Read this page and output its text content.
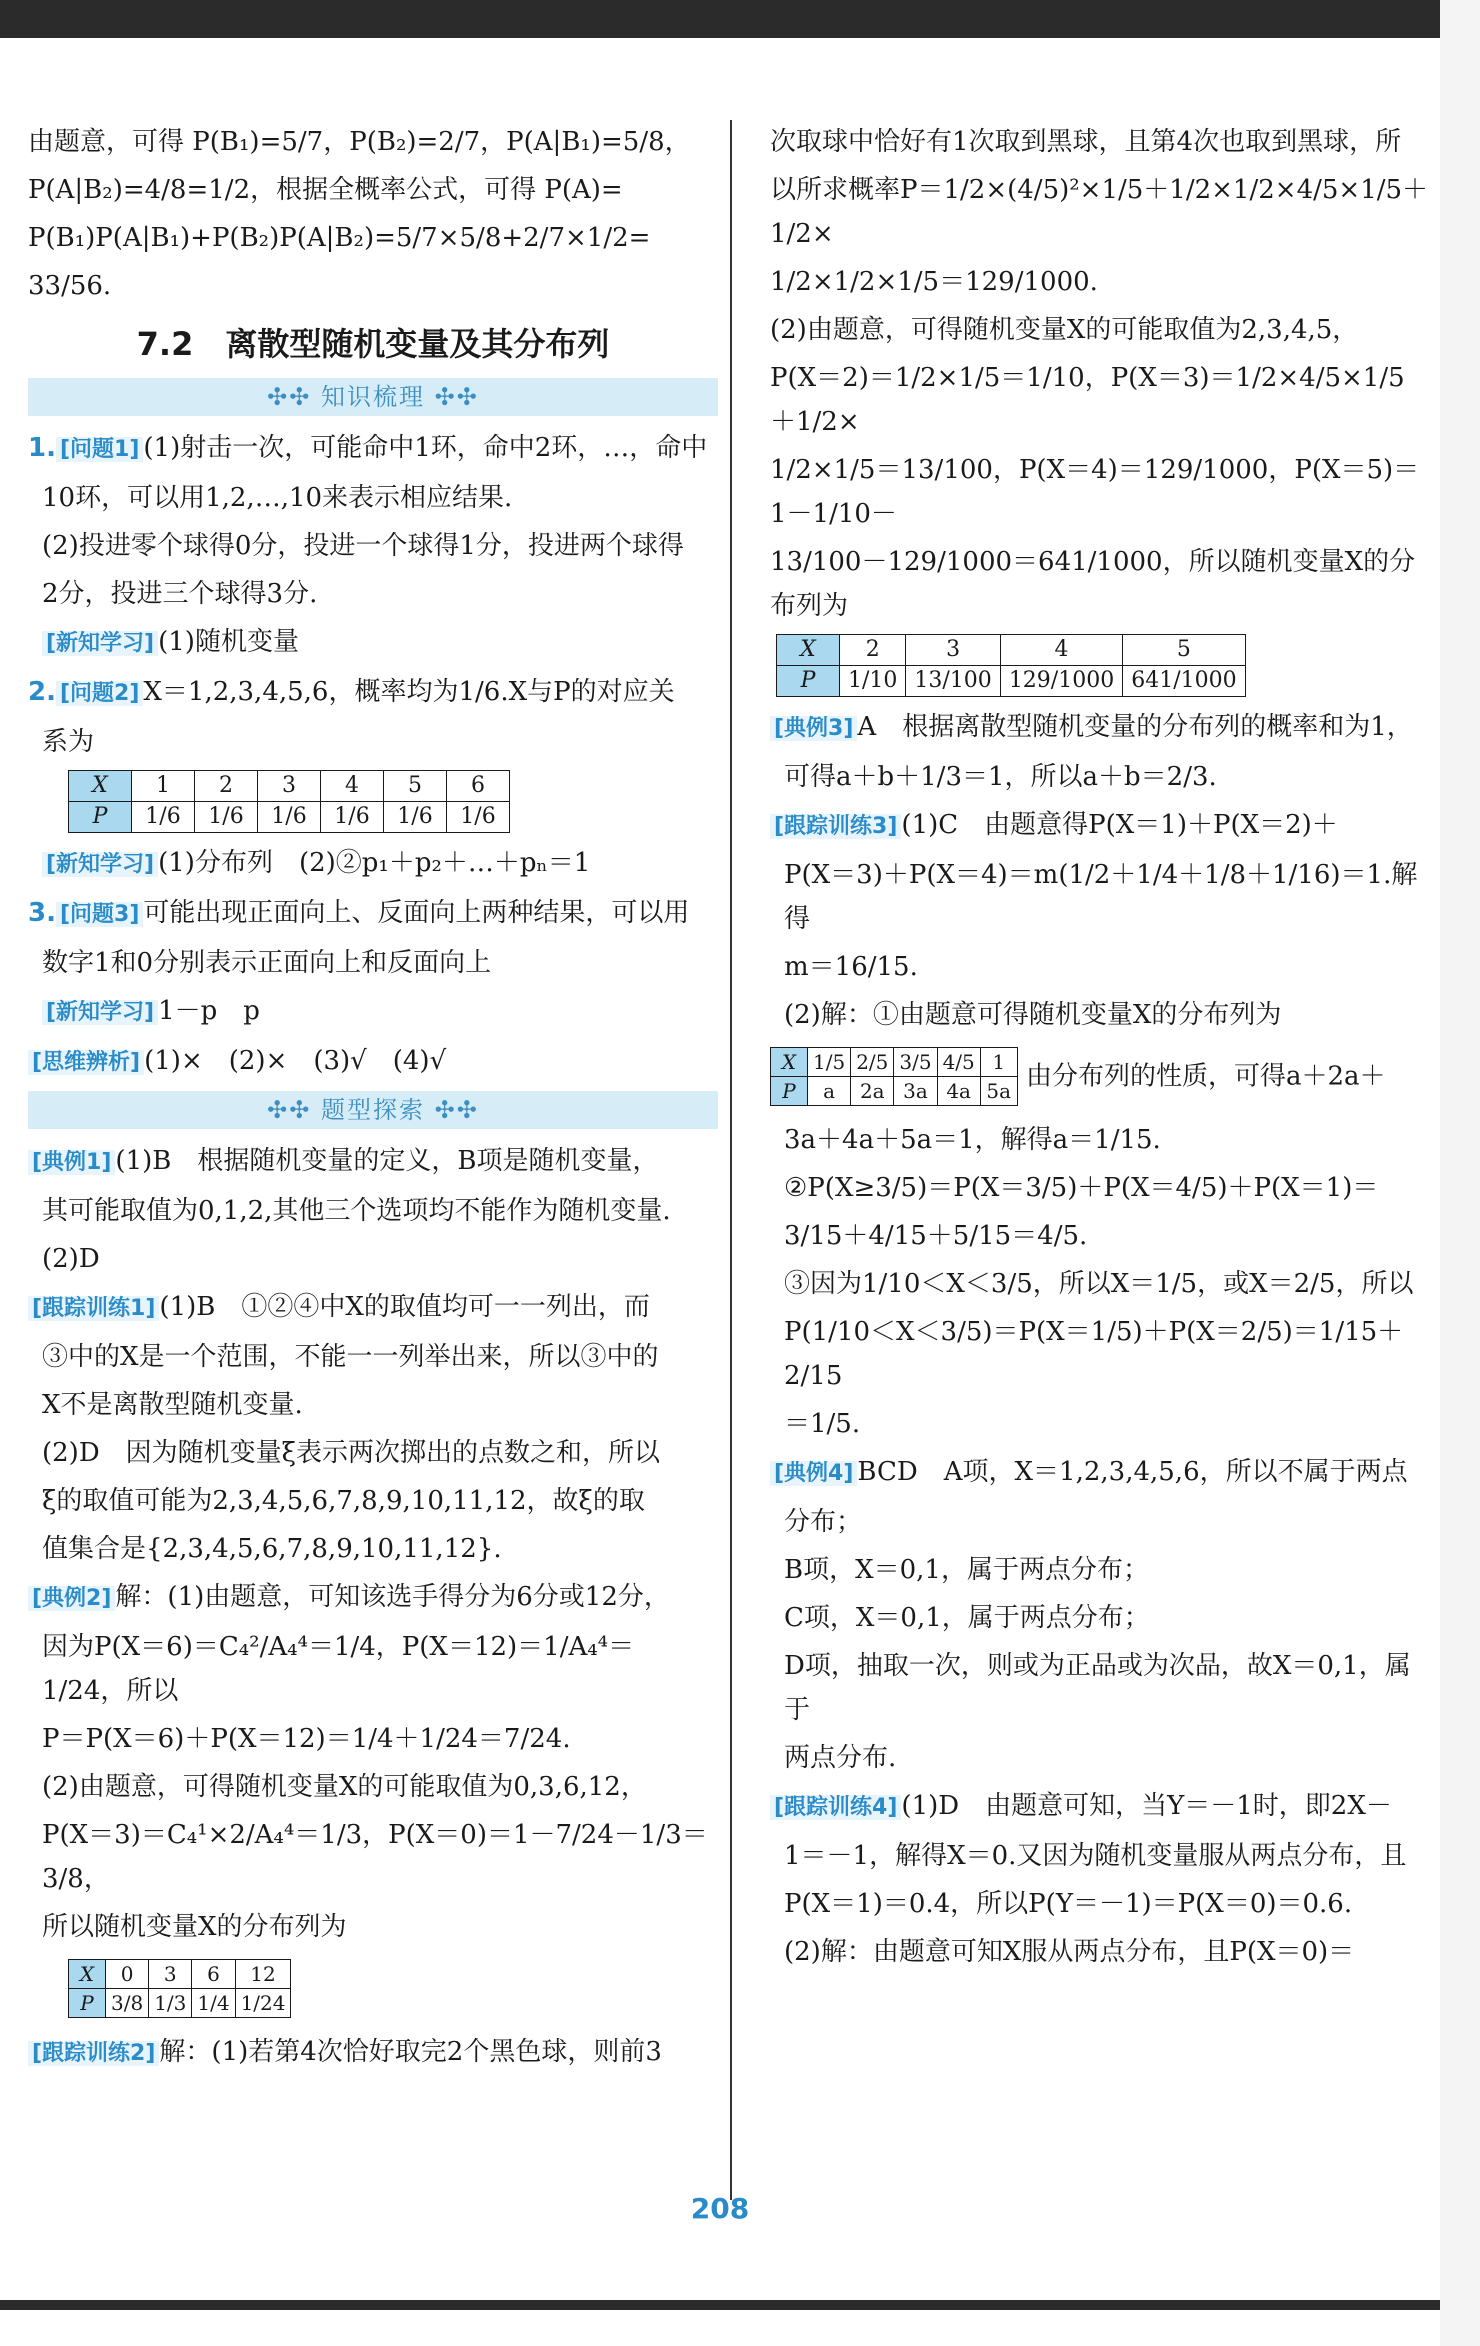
由题意，可得 P(B₁)=5/7，P(B₂)=2/7，P(A|B₁)=5/8，

P(A|B₂)=4/8=1/2，根据全概率公式，可得 P(A)=

P(B₁)P(A|B₁)+P(B₂)P(A|B₂)=5/7×5/8+2/7×1/2=

33/56.

7.2　离散型随机变量及其分布列
✣✣ 知识梳理 ✣✣

1. [问题1] (1)射击一次，可能命中1环，命中2环，…，命中

10环，可以用1,2,…,10来表示相应结果.

(2)投进零个球得0分，投进一个球得1分，投进两个球得

2分，投进三个球得3分.

[新知学习] (1)随机变量

2. [问题2] X＝1,2,3,4,5,6，概率均为1/6.X与P的对应关

系为

X	1	2	3	4	5	6
P	1/6	1/6	1/6	1/6	1/6	1/6

[新知学习] (1)分布列　(2)②p₁＋p₂＋…＋pₙ＝1

3. [问题3] 可能出现正面向上、反面向上两种结果，可以用

数字1和0分别表示正面向上和反面向上

[新知学习] 1－p　p

[思维辨析] (1)×　(2)×　(3)√　(4)√

✣✣ 题型探索 ✣✣

[典例1] (1)B　根据随机变量的定义，B项是随机变量，

其可能取值为0,1,2,其他三个选项均不能作为随机变量.

(2)D

[跟踪训练1] (1)B　①②④中X的取值均可一一列出，而

③中的X是一个范围，不能一一列举出来，所以③中的

X不是离散型随机变量.

(2)D　因为随机变量ξ表示两次掷出的点数之和，所以

ξ的取值可能为2,3,4,5,6,7,8,9,10,11,12，故ξ的取

值集合是{2,3,4,5,6,7,8,9,10,11,12}.

[典例2] 解：(1)由题意，可知该选手得分为6分或12分，

因为P(X＝6)＝C₄²/A₄⁴＝1/4，P(X＝12)＝1/A₄⁴＝1/24，所以

P＝P(X＝6)＋P(X＝12)＝1/4＋1/24＝7/24.

(2)由题意，可得随机变量X的可能取值为0,3,6,12，

P(X＝3)＝C₄¹×2/A₄⁴＝1/3，P(X＝0)＝1－7/24－1/3＝3/8，

所以随机变量X的分布列为

X	0	3	6	12
P	3/8	1/3	1/4	1/24

[跟踪训练2] 解：(1)若第4次恰好取完2个黑色球，则前3

次取球中恰好有1次取到黑球，且第4次也取到黑球，所

以所求概率P＝1/2×(4/5)²×1/5＋1/2×1/2×4/5×1/5＋1/2×

1/2×1/2×1/5＝129/1000.

(2)由题意，可得随机变量X的可能取值为2,3,4,5，

P(X＝2)＝1/2×1/5＝1/10，P(X＝3)＝1/2×4/5×1/5＋1/2×

1/2×1/5＝13/100，P(X＝4)＝129/1000，P(X＝5)＝1－1/10－

13/100－129/1000＝641/1000，所以随机变量X的分布列为

X	2	3	4	5
P	1/10	13/100	129/1000	641/1000

[典例3] A　根据离散型随机变量的分布列的概率和为1，

可得a＋b＋1/3＝1，所以a＋b＝2/3.

[跟踪训练3] (1)C　由题意得P(X＝1)＋P(X＝2)＋

P(X＝3)＋P(X＝4)＝m(1/2＋1/4＋1/8＋1/16)＝1.解得

m＝16/15.

(2)解：①由题意可得随机变量X的分布列为

X	1/5	2/5	3/5	4/5	1
P	a	2a	3a	4a	5a 由分布列的性质，可得a＋2a＋

3a＋4a＋5a＝1，解得a＝1/15.

②P(X≥3/5)＝P(X＝3/5)＋P(X＝4/5)＋P(X＝1)＝

3/15＋4/15＋5/15＝4/5.

③因为1/10＜X＜3/5，所以X＝1/5，或X＝2/5，所以

P(1/10＜X＜3/5)＝P(X＝1/5)＋P(X＝2/5)＝1/15＋2/15

＝1/5.

[典例4] BCD　A项，X＝1,2,3,4,5,6，所以不属于两点

分布；

B项，X＝0,1，属于两点分布；

C项，X＝0,1，属于两点分布；

D项，抽取一次，则或为正品或为次品，故X＝0,1，属于

两点分布.

[跟踪训练4] (1)D　由题意可知，当Y＝－1时，即2X－

1＝－1，解得X＝0.又因为随机变量服从两点分布，且

P(X＝1)＝0.4，所以P(Y＝－1)＝P(X＝0)＝0.6.

(2)解：由题意可知X服从两点分布，且P(X＝0)＝

208
